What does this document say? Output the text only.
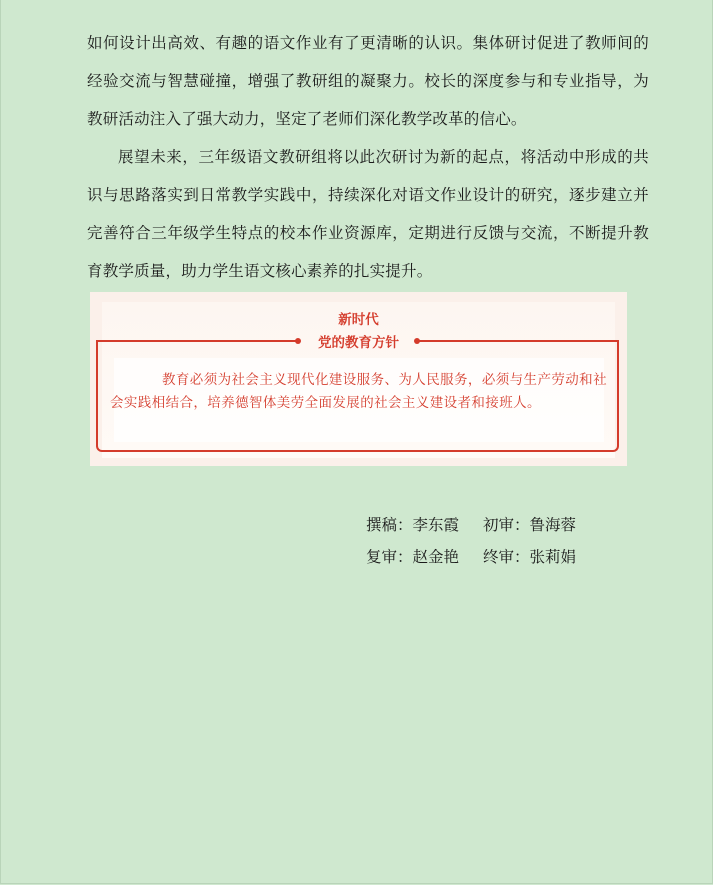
如何设计出高效、有趣的语文作业有了更清晰的认识。集体研讨促进了教师间的经验交流与智慧碰撞，增强了教研组的凝聚力。校长的深度参与和专业指导，为教研活动注入了强大动力，坚定了老师们深化教学改革的信心。

展望未来，三年级语文教研组将以此次研讨为新的起点，将活动中形成的共识与思路落实到日常教学实践中，持续深化对语文作业设计的研究，逐步建立并完善符合三年级学生特点的校本作业资源库，定期进行反馈与交流，不断提升教育教学质量，助力学生语文核心素养的扎实提升。

新时代
党的教育方针

教育必须为社会主义现代化建设服务、为人民服务，必须与生产劳动和社会实践相结合，培养德智体美劳全面发展的社会主义建设者和接班人。

撰稿：李东霞 初审：鲁海蓉
复审：赵金艳 终审：张莉娟
